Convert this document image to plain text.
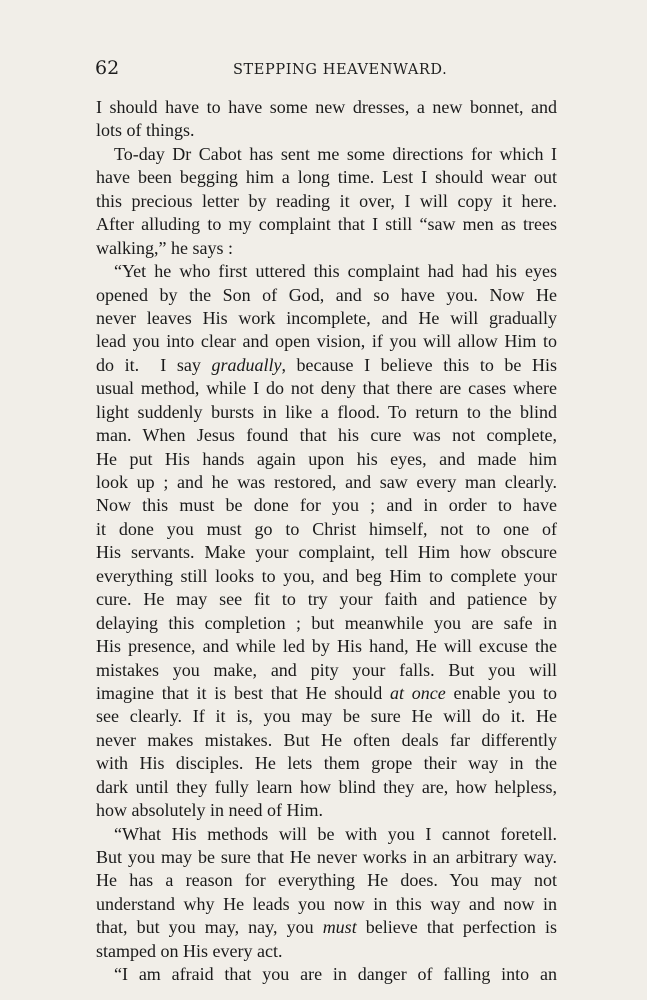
62	STEPPING HEAVENWARD.
I should have to have some new dresses, a new bonnet, and
lots of things.
To-day Dr Cabot has sent me some directions for which I
have been begging him a long time. Lest I should wear out
this precious letter by reading it over, I will copy it here.
After alluding to my complaint that I still “saw men as trees
walking,” he says :
“Yet he who first uttered this complaint had had his eyes
opened by the Son of God, and so have you. Now He
never leaves His work incomplete, and He will gradually
lead you into clear and open vision, if you will allow Him to
do it.  I say gradually, because I believe this to be His
usual method, while I do not deny that there are cases where
light suddenly bursts in like a flood. To return to the blind
man. When Jesus found that his cure was not complete,
He put His hands again upon his eyes, and made him
look up ; and he was restored, and saw every man clearly.
Now this must be done for you ; and in order to have
it done you must go to Christ himself, not to one of
His servants. Make your complaint, tell Him how obscure
everything still looks to you, and beg Him to complete your
cure. He may see fit to try your faith and patience by
delaying this completion ; but meanwhile you are safe in
His presence, and while led by His hand, He will excuse the
mistakes you make, and pity your falls. But you will
imagine that it is best that He should at once enable you to
see clearly. If it is, you may be sure He will do it. He
never makes mistakes. But He often deals far differently
with His disciples. He lets them grope their way in the
dark until they fully learn how blind they are, how helpless,
how absolutely in need of Him.
“What His methods will be with you I cannot foretell.
But you may be sure that He never works in an arbitrary way.
He has a reason for everything He does. You may not
understand why He leads you now in this way and now in
that, but you may, nay, you must believe that perfection is
stamped on His every act.
“I am afraid that you are in danger of falling into an
